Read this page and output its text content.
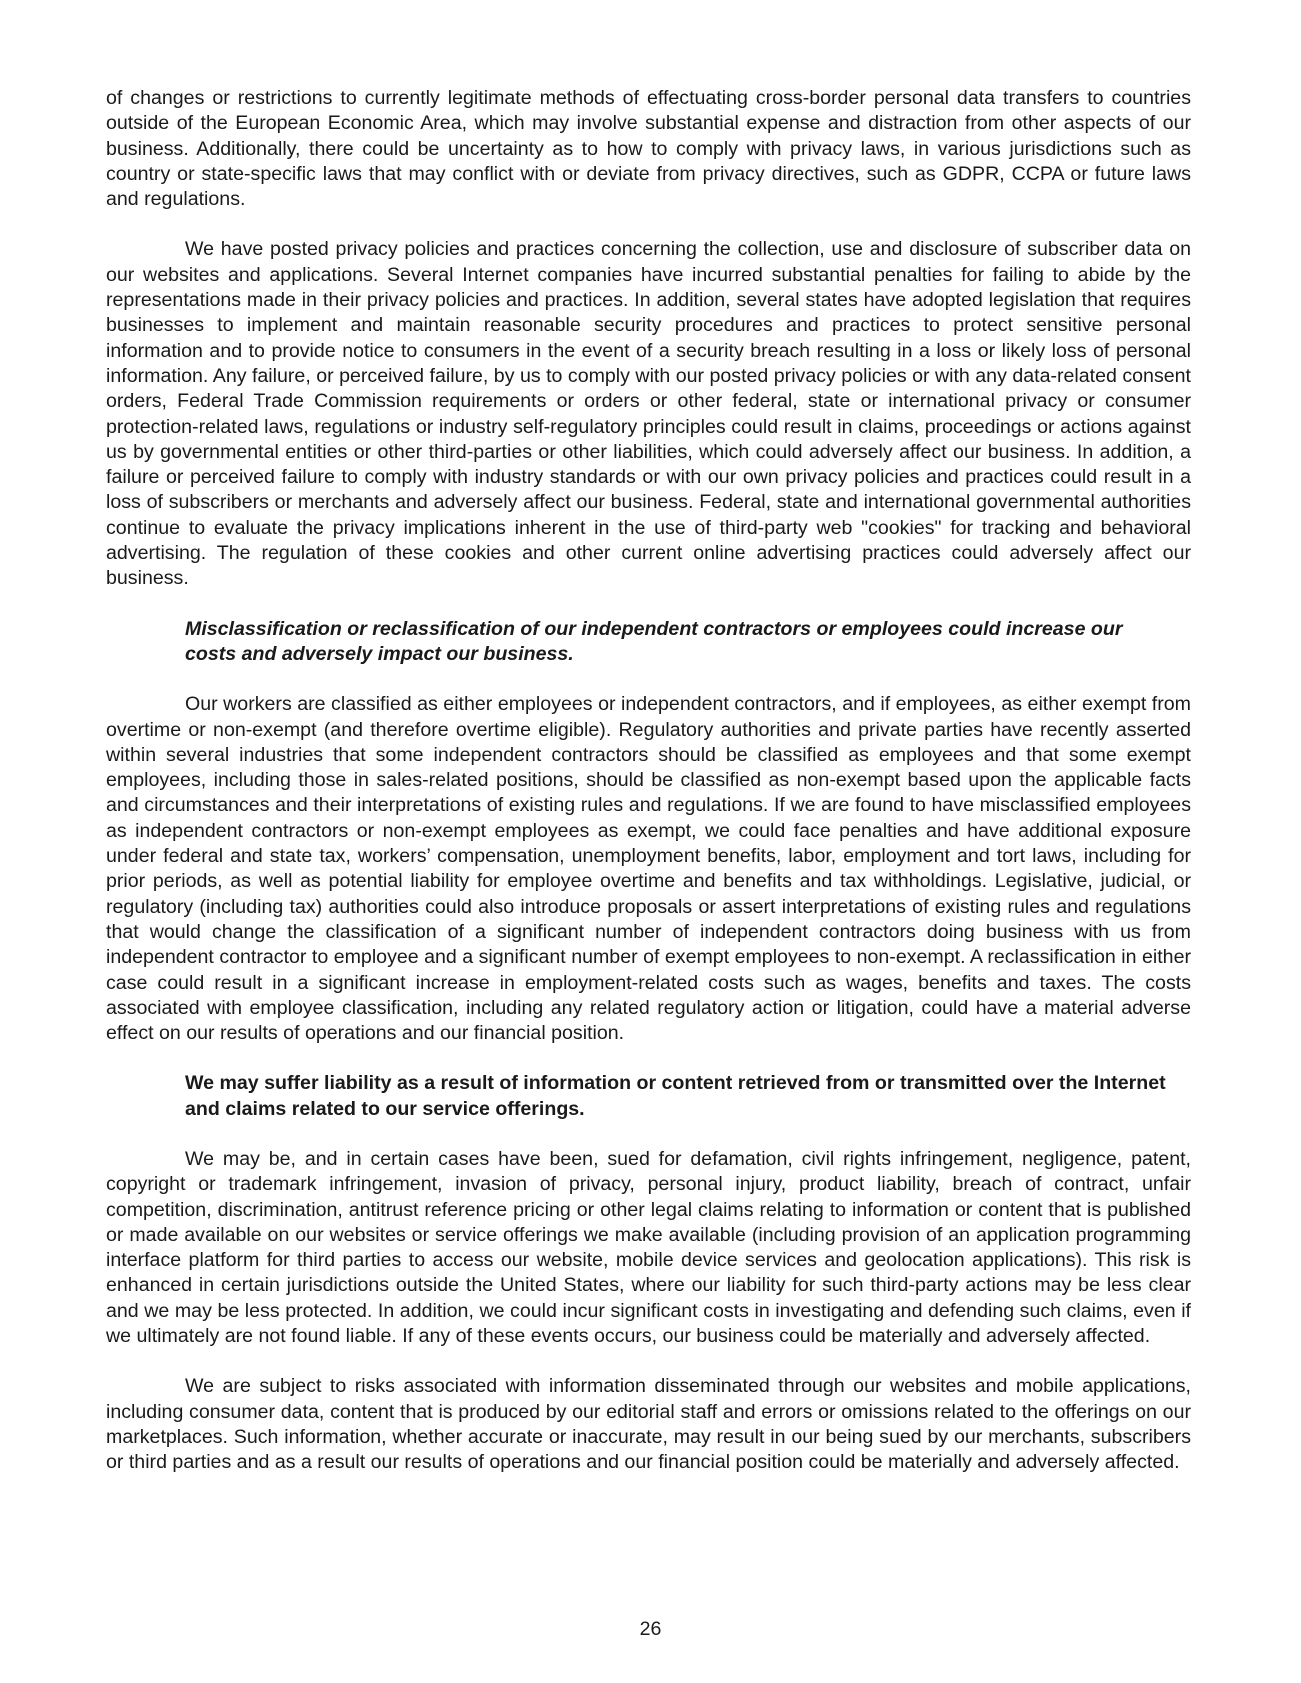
of changes or restrictions to currently legitimate methods of effectuating cross-border personal data transfers to countries outside of the European Economic Area, which may involve substantial expense and distraction from other aspects of our business. Additionally, there could be uncertainty as to how to comply with privacy laws, in various jurisdictions such as country or state-specific laws that may conflict with or deviate from privacy directives, such as GDPR, CCPA or future laws and regulations.

We have posted privacy policies and practices concerning the collection, use and disclosure of subscriber data on our websites and applications. Several Internet companies have incurred substantial penalties for failing to abide by the representations made in their privacy policies and practices. In addition, several states have adopted legislation that requires businesses to implement and maintain reasonable security procedures and practices to protect sensitive personal information and to provide notice to consumers in the event of a security breach resulting in a loss or likely loss of personal information. Any failure, or perceived failure, by us to comply with our posted privacy policies or with any data-related consent orders, Federal Trade Commission requirements or orders or other federal, state or international privacy or consumer protection-related laws, regulations or industry self-regulatory principles could result in claims, proceedings or actions against us by governmental entities or other third-parties or other liabilities, which could adversely affect our business. In addition, a failure or perceived failure to comply with industry standards or with our own privacy policies and practices could result in a loss of subscribers or merchants and adversely affect our business. Federal, state and international governmental authorities continue to evaluate the privacy implications inherent in the use of third-party web "cookies" for tracking and behavioral advertising. The regulation of these cookies and other current online advertising practices could adversely affect our business.

Misclassification or reclassification of our independent contractors or employees could increase our costs and adversely impact our business.

Our workers are classified as either employees or independent contractors, and if employees, as either exempt from overtime or non-exempt (and therefore overtime eligible). Regulatory authorities and private parties have recently asserted within several industries that some independent contractors should be classified as employees and that some exempt employees, including those in sales-related positions, should be classified as non-exempt based upon the applicable facts and circumstances and their interpretations of existing rules and regulations. If we are found to have misclassified employees as independent contractors or non-exempt employees as exempt, we could face penalties and have additional exposure under federal and state tax, workers’ compensation, unemployment benefits, labor, employment and tort laws, including for prior periods, as well as potential liability for employee overtime and benefits and tax withholdings. Legislative, judicial, or regulatory (including tax) authorities could also introduce proposals or assert interpretations of existing rules and regulations that would change the classification of a significant number of independent contractors doing business with us from independent contractor to employee and a significant number of exempt employees to non-exempt. A reclassification in either case could result in a significant increase in employment-related costs such as wages, benefits and taxes. The costs associated with employee classification, including any related regulatory action or litigation, could have a material adverse effect on our results of operations and our financial position.

We may suffer liability as a result of information or content retrieved from or transmitted over the Internet and claims related to our service offerings.

We may be, and in certain cases have been, sued for defamation, civil rights infringement, negligence, patent, copyright or trademark infringement, invasion of privacy, personal injury, product liability, breach of contract, unfair competition, discrimination, antitrust reference pricing or other legal claims relating to information or content that is published or made available on our websites or service offerings we make available (including provision of an application programming interface platform for third parties to access our website, mobile device services and geolocation applications). This risk is enhanced in certain jurisdictions outside the United States, where our liability for such third-party actions may be less clear and we may be less protected. In addition, we could incur significant costs in investigating and defending such claims, even if we ultimately are not found liable. If any of these events occurs, our business could be materially and adversely affected.

We are subject to risks associated with information disseminated through our websites and mobile applications, including consumer data, content that is produced by our editorial staff and errors or omissions related to the offerings on our marketplaces. Such information, whether accurate or inaccurate, may result in our being sued by our merchants, subscribers or third parties and as a result our results of operations and our financial position could be materially and adversely affected.

26
